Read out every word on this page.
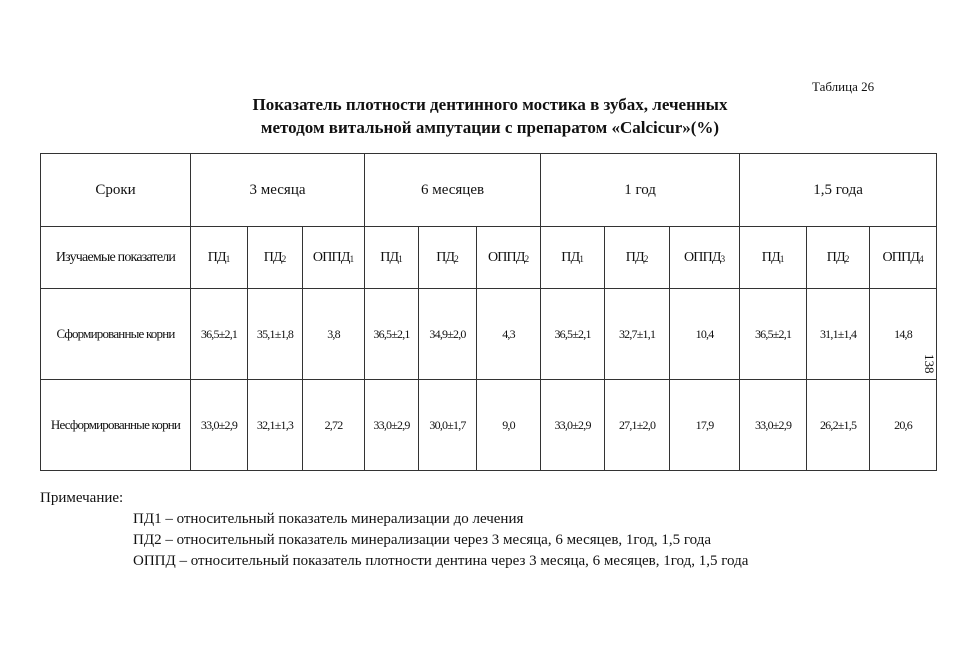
Таблица 26
Показатель плотности дентинного мостика в зубах, леченных
методом витальной ампутации с препаратом «Calcicur»(%)
Сроки	3 месяца			6 месяцев			1 год			1,5 года		
Изучаемые показатели	$ПД_1$	$ПД_2$	$ОППД_1$	$ПД_1$	$ПД_2$	$ОППД_2$	$ПД_1$	$ПД_2$	$ОППД_3$	$ПД_1$	$ПД_2$	$ОППД_4$
Сформированные корни	36,5±2,1	35,1±1,8	3,8	36,5±2,1	34,9±2,0	4,3	36,5±2,1	32,7±1,1	10,4	36,5±2,1	31,1±1,4	14,8
Несформированные корни	33,0±2,9	32,1±1,3	2,72	33,0±2,9	30,0±1,7	9,0	33,0±2,9	27,1±2,0	17,9	33,0±2,9	26,2±1,5	20,6
138
Примечание:
ПД1 – относительный показатель минерализации до лечения
ПД2 – относительный показатель минерализации через 3 месяца, 6 месяцев, 1год, 1,5 года
ОППД – относительный показатель плотности дентина через 3 месяца, 6 месяцев, 1год, 1,5 года
